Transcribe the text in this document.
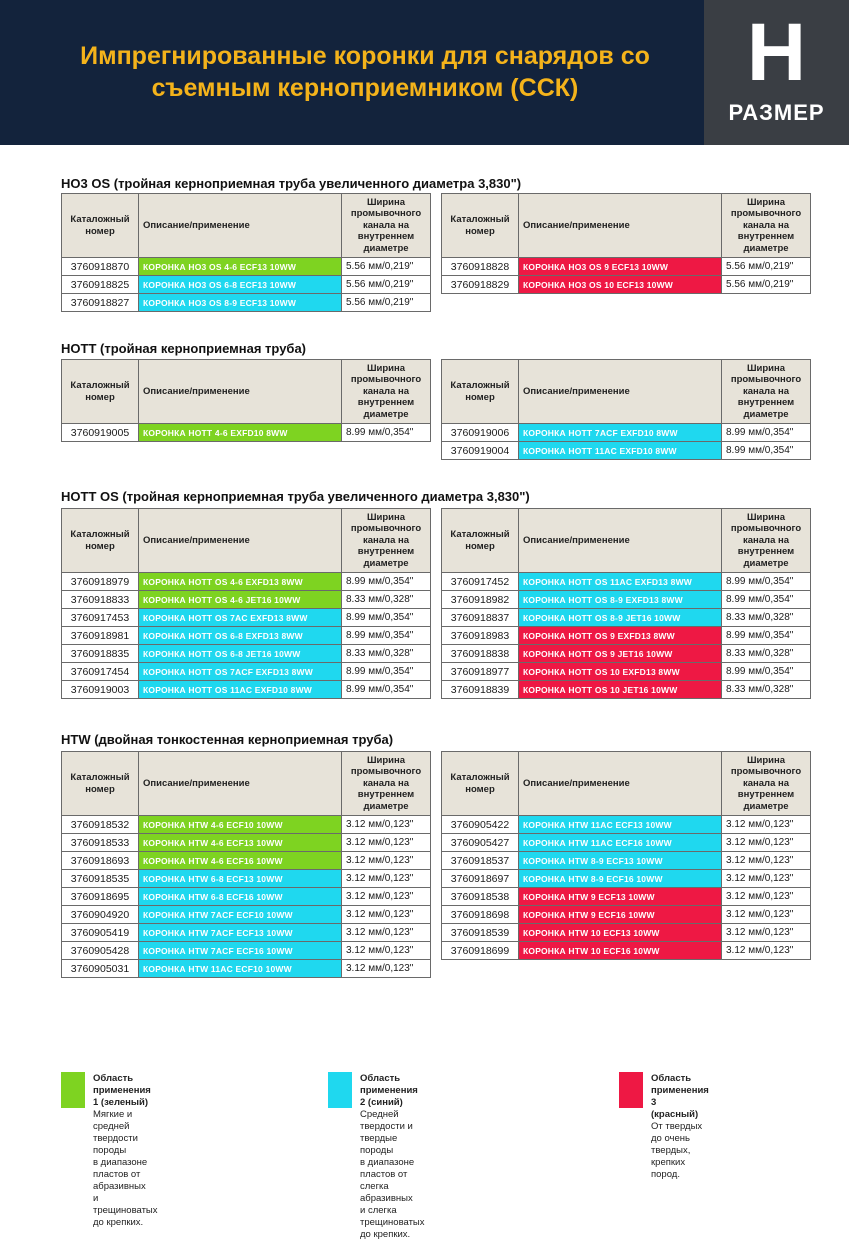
Импрегнированные коронки для снарядов со съемным керноприемником (ССК)	H
РАЗМЕР
НО3 OS (тройная керноприемная труба увеличенного диаметра 3,830")
Каталожный номер	Описание/применение	Ширина промывочного канала на внутреннем диаметре
3760918870	КОРОНКА НО3 OS 4-6 ECF13 10WW	5.56 мм/0,219"
3760918825	КОРОНКА НО3 OS 6-8 ECF13 10WW	5.56 мм/0,219"
3760918827	КОРОНКА НО3 OS 8-9 ECF13 10WW	5.56 мм/0,219"
Каталожный номер	Описание/применение	Ширина промывочного канала на внутреннем диаметре
3760918828	КОРОНКА НО3 OS 9 ECF13 10WW	5.56 мм/0,219"
3760918829	КОРОНКА НО3 OS 10 ECF13 10WW	5.56 мм/0,219"
НОТТ (тройная керноприемная труба)
Каталожный номер	Описание/применение	Ширина промывочного канала на внутреннем диаметре
3760919005	КОРОНКА НОТТ 4-6 EXFD10 8WW	8.99 мм/0,354"
Каталожный номер	Описание/применение	Ширина промывочного канала на внутреннем диаметре
3760919006	КОРОНКА НОТТ 7ACF EXFD10 8WW	8.99 мм/0,354"
3760919004	КОРОНКА НОТТ 11AC EXFD10 8WW	8.99 мм/0,354"
НОТТ OS (тройная керноприемная труба увеличенного диаметра 3,830")
Каталожный номер	Описание/применение	Ширина промывочного канала на внутреннем диаметре
3760918979	КОРОНКА НОТТ OS 4-6 EXFD13 8WW	8.99 мм/0,354"
3760918833	КОРОНКА НОТТ OS 4-6 JET16 10WW	8.33 мм/0,328"
3760917453	КОРОНКА НОТТ OS 7AC EXFD13 8WW	8.99 мм/0,354"
3760918981	КОРОНКА НОТТ OS 6-8 EXFD13 8WW	8.99 мм/0,354"
3760918835	КОРОНКА НОТТ OS 6-8 JET16 10WW	8.33 мм/0,328"
3760917454	КОРОНКА НОТТ OS 7ACF EXFD13 8WW	8.99 мм/0,354"
3760919003	КОРОНКА НОТТ OS 11AC EXFD10 8WW	8.99 мм/0,354"
Каталожный номер	Описание/применение	Ширина промывочного канала на внутреннем диаметре
3760917452	КОРОНКА НОТТ OS 11AC EXFD13 8WW	8.99 мм/0,354"
3760918982	КОРОНКА НОТТ OS 8-9 EXFD13 8WW	8.99 мм/0,354"
3760918837	КОРОНКА НОТТ OS 8-9 JET16 10WW	8.33 мм/0,328"
3760918983	КОРОНКА НОТТ OS 9 EXFD13 8WW	8.99 мм/0,354"
3760918838	КОРОНКА НОТТ OS 9 JET16 10WW	8.33 мм/0,328"
3760918977	КОРОНКА НОТТ OS 10 EXFD13 8WW	8.99 мм/0,354"
3760918839	КОРОНКА НОТТ OS 10 JET16 10WW	8.33 мм/0,328"
HTW (двойная тонкостенная керноприемная труба)
Каталожный номер	Описание/применение	Ширина промывочного канала на внутреннем диаметре
3760918532	КОРОНКА HTW 4-6 ECF10 10WW	3.12 мм/0,123"
3760918533	КОРОНКА HTW 4-6 ECF13 10WW	3.12 мм/0,123"
3760918693	КОРОНКА HTW 4-6 ECF16 10WW	3.12 мм/0,123"
3760918535	КОРОНКА HTW 6-8 ECF13 10WW	3.12 мм/0,123"
3760918695	КОРОНКА HTW 6-8 ECF16 10WW	3.12 мм/0,123"
3760904920	КОРОНКА HTW 7ACF ECF10 10WW	3.12 мм/0,123"
3760905419	КОРОНКА HTW 7ACF ECF13 10WW	3.12 мм/0,123"
3760905428	КОРОНКА HTW 7ACF ECF16 10WW	3.12 мм/0,123"
3760905031	КОРОНКА HTW 11AC ECF10 10WW	3.12 мм/0,123"
Каталожный номер	Описание/применение	Ширина промывочного канала на внутреннем диаметре
3760905422	КОРОНКА HTW 11AC ECF13 10WW	3.12 мм/0,123"
3760905427	КОРОНКА HTW 11AC ECF16 10WW	3.12 мм/0,123"
3760918537	КОРОНКА HTW 8-9 ECF13 10WW	3.12 мм/0,123"
3760918697	КОРОНКА HTW 8-9 ECF16 10WW	3.12 мм/0,123"
3760918538	КОРОНКА HTW 9 ECF13 10WW	3.12 мм/0,123"
3760918698	КОРОНКА HTW 9 ECF16 10WW	3.12 мм/0,123"
3760918539	КОРОНКА HTW 10 ECF13 10WW	3.12 мм/0,123"
3760918699	КОРОНКА HTW 10 ECF16 10WW	3.12 мм/0,123"
Область применения 1 (зеленый)
Мягкие и средней твердости породы
в диапазоне пластов от абразивных
и трещиноватых до крепких.
Область применения 2 (синий)
Средней твердости и твердые породы
в диапазоне пластов от слегка абразивных
и слегка трещиноватых до крепких.
Область применения 3
(красный)
От твердых до очень твердых,
крепких пород.
